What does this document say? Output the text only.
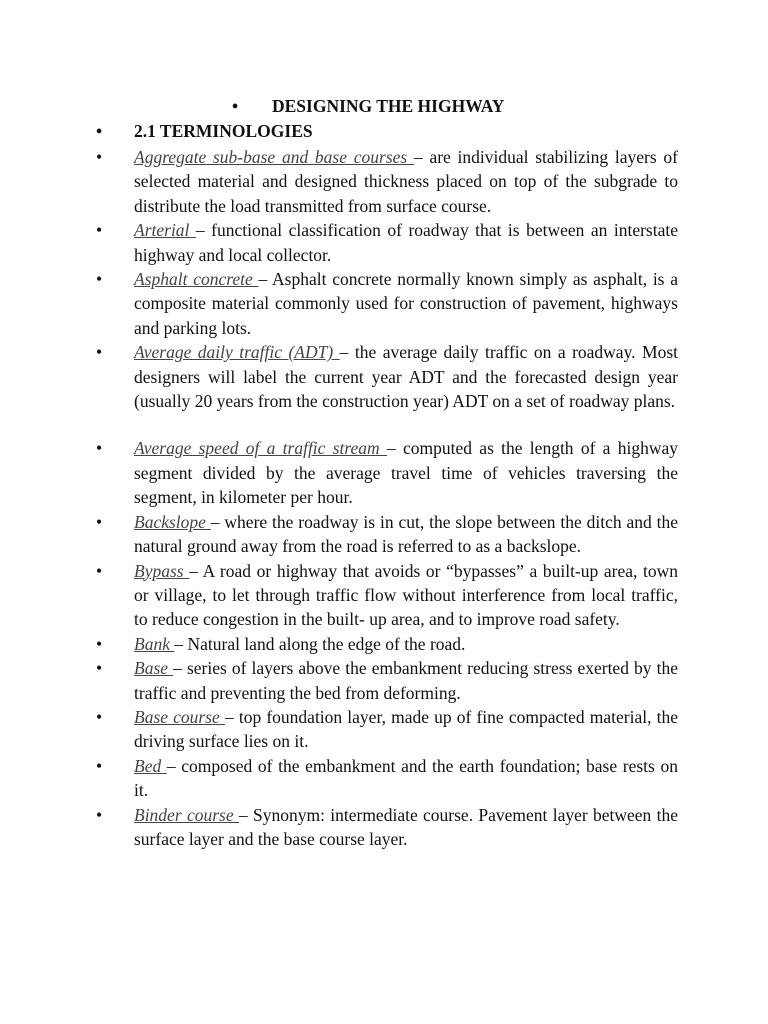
• DESIGNING THE HIGHWAY
• 2.1 TERMINOLOGIES
• Aggregate sub-base and base courses – are individual stabilizing layers of selected material and designed thickness placed on top of the subgrade to distribute the load transmitted from surface course.
• Arterial – functional classification of roadway that is between an interstate highway and local collector.
• Asphalt concrete – Asphalt concrete normally known simply as asphalt, is a composite material commonly used for construction of pavement, highways and parking lots.
• Average daily traffic (ADT) – the average daily traffic on a roadway. Most designers will label the current year ADT and the forecasted design year (usually 20 years from the construction year) ADT on a set of roadway plans.
• Average speed of a traffic stream – computed as the length of a highway segment divided by the average travel time of vehicles traversing the segment, in kilometer per hour.
• Backslope – where the roadway is in cut, the slope between the ditch and the natural ground away from the road is referred to as a backslope.
• Bypass – A road or highway that avoids or “bypasses” a built-up area, town or village, to let through traffic flow without interference from local traffic, to reduce congestion in the built- up area, and to improve road safety.
• Bank – Natural land along the edge of the road.
• Base – series of layers above the embankment reducing stress exerted by the traffic and preventing the bed from deforming.
• Base course – top foundation layer, made up of fine compacted material, the driving surface lies on it.
• Bed – composed of the embankment and the earth foundation; base rests on it.
• Binder course – Synonym: intermediate course. Pavement layer between the surface layer and the base course layer.
